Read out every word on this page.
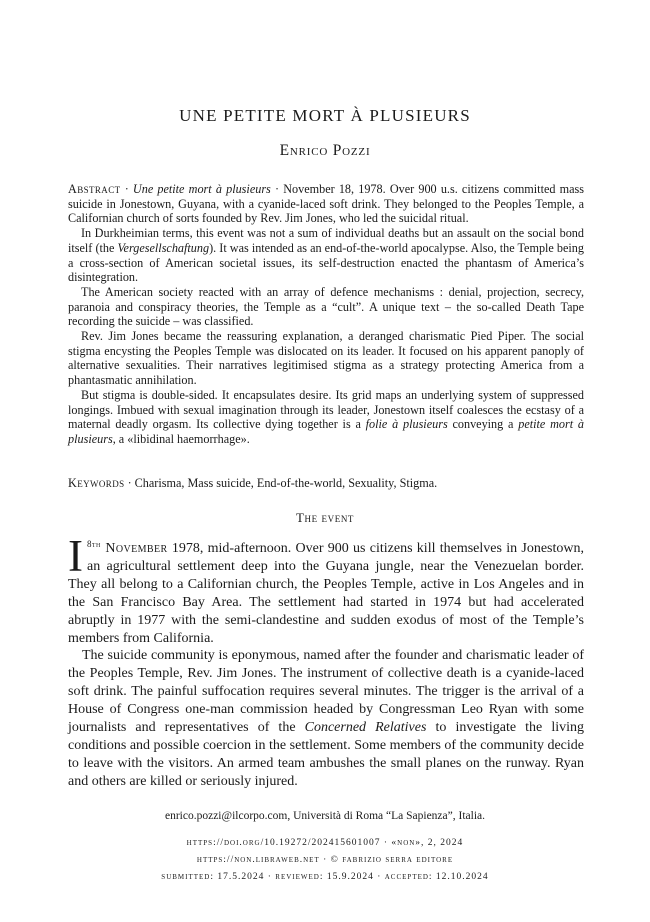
UNE PETITE MORT À PLUSIEURS
Enrico Pozzi

Abstract · Une petite mort à plusieurs · November 18, 1978. Over 900 u.s. citizens committed mass suicide in Jonestown, Guyana, with a cyanide-laced soft drink. They belonged to the Peoples Temple, a Californian church of sorts founded by Rev. Jim Jones, who led the suicidal ritual.

In Durkheimian terms, this event was not a sum of individual deaths but an assault on the social bond itself (the Vergesellschaftung). It was intended as an end-of-the-world apocalypse. Also, the Temple being a cross-section of American societal issues, its self-destruction enacted the phantasm of America’s disintegration.

The American society reacted with an array of defence mechanisms : denial, projection, secrecy, paranoia and conspiracy theories, the Temple as a “cult”. A unique text – the so-called Death Tape recording the suicide – was classified.

Rev. Jim Jones became the reassuring explanation, a deranged charismatic Pied Piper. The social stigma encysting the Peoples Temple was dislocated on its leader. It focused on his apparent panoply of alternative sexualities. Their narratives legitimised stigma as a strategy protecting America from a phantasmatic annihilation.

But stigma is double-sided. It encapsulates desire. Its grid maps an underlying system of suppressed longings. Imbued with sexual imagination through its leader, Jonestown itself coalesces the ecstasy of a maternal deadly orgasm. Its collective dying together is a folie à plusieurs conveying a petite mort à plusieurs, a «libidinal haemorrhage».

Keywords · Charisma, Mass suicide, End-of-the-world, Sexuality, Stigma.
The event

I $^{8th}$ November 1978, mid-afternoon. Over 900 us citizens kill themselves in Jonestown, an agricultural settlement deep into the Guyana jungle, near the Venezuelan border. They all belong to a Californian church, the Peoples Temple, active in Los Angeles and in the San Francisco Bay Area. The settlement had started in 1974 but had accelerated abruptly in 1977 with the semi-clandestine and sudden exodus of most of the Temple’s members from California.

The suicide community is eponymous, named after the founder and charismatic leader of the Peoples Temple, Rev. Jim Jones. The instrument of collective death is a cyanide-laced soft drink. The painful suffocation requires several minutes. The trigger is the arrival of a House of Congress one-man commission headed by Congressman Leo Ryan with some journalists and representatives of the Concerned Relatives to investigate the living conditions and possible coercion in the settlement. Some members of the community decide to leave with the visitors. An armed team ambushes the small planes on the runway. Ryan and others are killed or seriously injured.

enrico.pozzi@ilcorpo.com, Università di Roma “La Sapienza”, Italia.
https://doi.org/10.19272/202415601007 · «non», 2, 2024
https://non.libraweb.net · © fabrizio serra editore
submitted: 17.5.2024 · reviewed: 15.9.2024 · accepted: 12.10.2024
